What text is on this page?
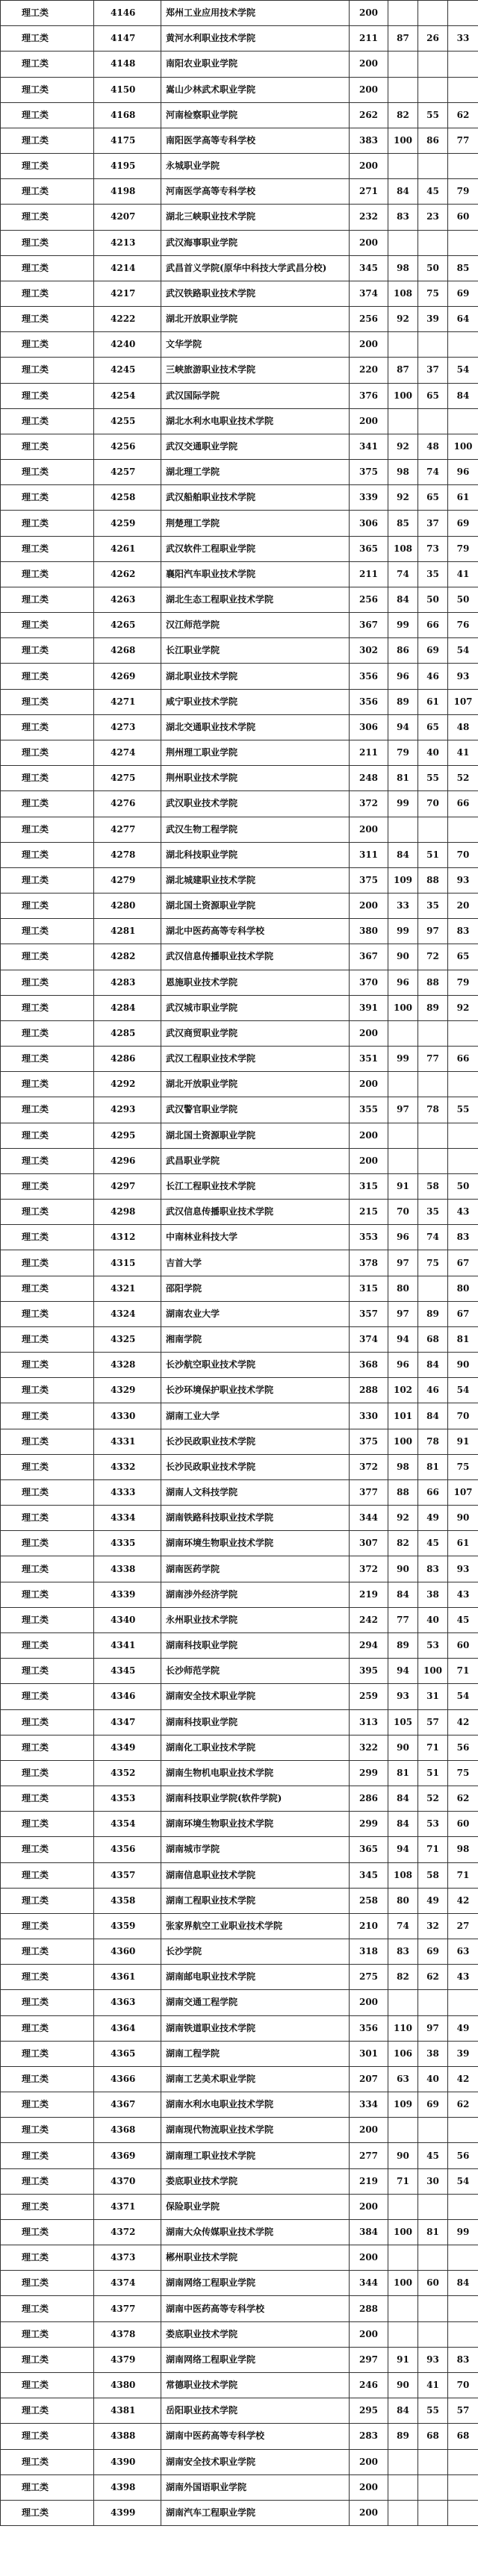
理工类	4146	郑州工业应用技术学院	200			
理工类	4147	黄河水利职业技术学院	211	87	26	33
理工类	4148	南阳农业职业学院	200			
理工类	4150	嵩山少林武术职业学院	200			
理工类	4168	河南检察职业学院	262	82	55	62
理工类	4175	南阳医学高等专科学校	383	100	86	77
理工类	4195	永城职业学院	200			
理工类	4198	河南医学高等专科学校	271	84	45	79
理工类	4207	湖北三峡职业技术学院	232	83	23	60
理工类	4213	武汉海事职业学院	200			
理工类	4214	武昌首义学院(原华中科技大学武昌分校)	345	98	50	85
理工类	4217	武汉铁路职业技术学院	374	108	75	69
理工类	4222	湖北开放职业学院	256	92	39	64
理工类	4240	文华学院	200			
理工类	4245	三峡旅游职业技术学院	220	87	37	54
理工类	4254	武汉国际学院	376	100	65	84
理工类	4255	湖北水利水电职业技术学院	200			
理工类	4256	武汉交通职业学院	341	92	48	100
理工类	4257	湖北理工学院	375	98	74	96
理工类	4258	武汉船舶职业技术学院	339	92	65	61
理工类	4259	荆楚理工学院	306	85	37	69
理工类	4261	武汉软件工程职业学院	365	108	73	79
理工类	4262	襄阳汽车职业技术学院	211	74	35	41
理工类	4263	湖北生态工程职业技术学院	256	84	50	50
理工类	4265	汉江师范学院	367	99	66	76
理工类	4268	长江职业学院	302	86	69	54
理工类	4269	湖北职业技术学院	356	96	46	93
理工类	4271	咸宁职业技术学院	356	89	61	107
理工类	4273	湖北交通职业技术学院	306	94	65	48
理工类	4274	荆州理工职业学院	211	79	40	41
理工类	4275	荆州职业技术学院	248	81	55	52
理工类	4276	武汉职业技术学院	372	99	70	66
理工类	4277	武汉生物工程学院	200			
理工类	4278	湖北科技职业学院	311	84	51	70
理工类	4279	湖北城建职业技术学院	375	109	88	93
理工类	4280	湖北国土资源职业学院	200	33	35	20
理工类	4281	湖北中医药高等专科学校	380	99	97	83
理工类	4282	武汉信息传播职业技术学院	367	90	72	65
理工类	4283	恩施职业技术学院	370	96	88	79
理工类	4284	武汉城市职业学院	391	100	89	92
理工类	4285	武汉商贸职业学院	200			
理工类	4286	武汉工程职业技术学院	351	99	77	66
理工类	4292	湖北开放职业学院	200			
理工类	4293	武汉警官职业学院	355	97	78	55
理工类	4295	湖北国土资源职业学院	200			
理工类	4296	武昌职业学院	200			
理工类	4297	长江工程职业技术学院	315	91	58	50
理工类	4298	武汉信息传播职业技术学院	215	70	35	43
理工类	4312	中南林业科技大学	353	96	74	83
理工类	4315	吉首大学	378	97	75	67
理工类	4321	邵阳学院	315	80		80
理工类	4324	湖南农业大学	357	97	89	67
理工类	4325	湘南学院	374	94	68	81
理工类	4328	长沙航空职业技术学院	368	96	84	90
理工类	4329	长沙环境保护职业技术学院	288	102	46	54
理工类	4330	湖南工业大学	330	101	84	70
理工类	4331	长沙民政职业技术学院	375	100	78	91
理工类	4332	长沙民政职业技术学院	372	98	81	75
理工类	4333	湖南人文科技学院	377	88	66	107
理工类	4334	湖南铁路科技职业技术学院	344	92	49	90
理工类	4335	湖南环境生物职业技术学院	307	82	45	61
理工类	4338	湖南医药学院	372	90	83	93
理工类	4339	湖南涉外经济学院	219	84	38	43
理工类	4340	永州职业技术学院	242	77	40	45
理工类	4341	湖南科技职业学院	294	89	53	60
理工类	4345	长沙师范学院	395	94	100	71
理工类	4346	湖南安全技术职业学院	259	93	31	54
理工类	4347	湖南科技职业学院	313	105	57	42
理工类	4349	湖南化工职业技术学院	322	90	71	56
理工类	4352	湖南生物机电职业技术学院	299	81	51	75
理工类	4353	湖南科技职业学院(软件学院)	286	84	52	62
理工类	4354	湖南环境生物职业技术学院	299	84	53	60
理工类	4356	湖南城市学院	365	94	71	98
理工类	4357	湖南信息职业技术学院	345	108	58	71
理工类	4358	湖南工程职业技术学院	258	80	49	42
理工类	4359	张家界航空工业职业技术学院	210	74	32	27
理工类	4360	长沙学院	318	83	69	63
理工类	4361	湖南邮电职业技术学院	275	82	62	43
理工类	4363	湖南交通工程学院	200			
理工类	4364	湖南铁道职业技术学院	356	110	97	49
理工类	4365	湖南工程学院	301	106	38	39
理工类	4366	湖南工艺美术职业学院	207	63	40	42
理工类	4367	湖南水利水电职业技术学院	334	109	69	62
理工类	4368	湖南现代物流职业技术学院	200			
理工类	4369	湖南理工职业技术学院	277	90	45	56
理工类	4370	娄底职业技术学院	219	71	30	54
理工类	4371	保险职业学院	200			
理工类	4372	湖南大众传媒职业技术学院	384	100	81	99
理工类	4373	郴州职业技术学院	200			
理工类	4374	湖南网络工程职业学院	344	100	60	84
理工类	4377	湖南中医药高等专科学校	288			
理工类	4378	娄底职业技术学院	200			
理工类	4379	湖南网络工程职业学院	297	91	93	83
理工类	4380	常德职业技术学院	246	90	41	70
理工类	4381	岳阳职业技术学院	295	84	55	57
理工类	4388	湖南中医药高等专科学校	283	89	68	68
理工类	4390	湖南安全技术职业学院	200			
理工类	4398	湖南外国语职业学院	200			
理工类	4399	湖南汽车工程职业学院	200			
